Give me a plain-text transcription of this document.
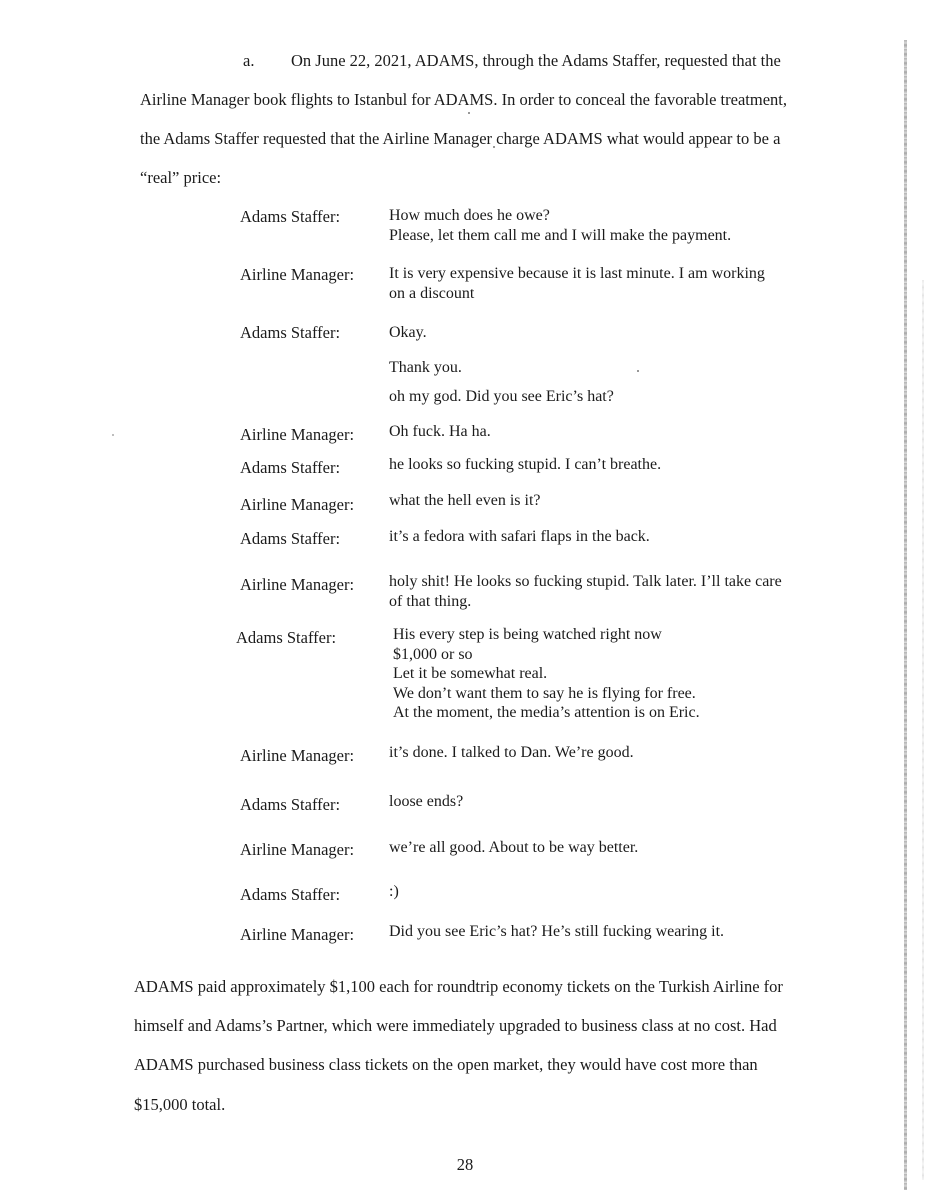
a. On June 22, 2021, ADAMS, through the Adams Staffer, requested that the
Airline Manager book flights to Istanbul for ADAMS. In order to conceal the favorable treatment,
the Adams Staffer requested that the Airline Manager charge ADAMS what would appear to be a
“real” price:
Adams Staffer:	How much does he owe?
Please, let them call me and I will make the payment.
Airline Manager: It is very expensive because it is last minute. I am working
on a discount
Adams Staffer:	Okay.
Thank you.
oh my god. Did you see Eric’s hat?
Airline Manager: Oh fuck. Ha ha.
Adams Staffer:	he looks so fucking stupid. I can’t breathe.
Airline Manager: what the hell even is it?
Adams Staffer:	it’s a fedora with safari flaps in the back.
Airline Manager: holy shit! He looks so fucking stupid. Talk later. I’ll take care
of that thing.
Adams Staffer:	His every step is being watched right now
$1,000 or so
Let it be somewhat real.
We don’t want them to say he is flying for free.
At the moment, the media’s attention is on Eric.
Airline Manager: it’s done. I talked to Dan. We’re good.
Adams Staffer:	loose ends?
Airline Manager: we’re all good. About to be way better.
Adams Staffer:	:)
Airline Manager: Did you see Eric’s hat? He’s still fucking wearing it.
ADAMS paid approximately $1,100 each for roundtrip economy tickets on the Turkish Airline for
himself and Adams’s Partner, which were immediately upgraded to business class at no cost. Had
ADAMS purchased business class tickets on the open market, they would have cost more than
$15,000 total.
28
